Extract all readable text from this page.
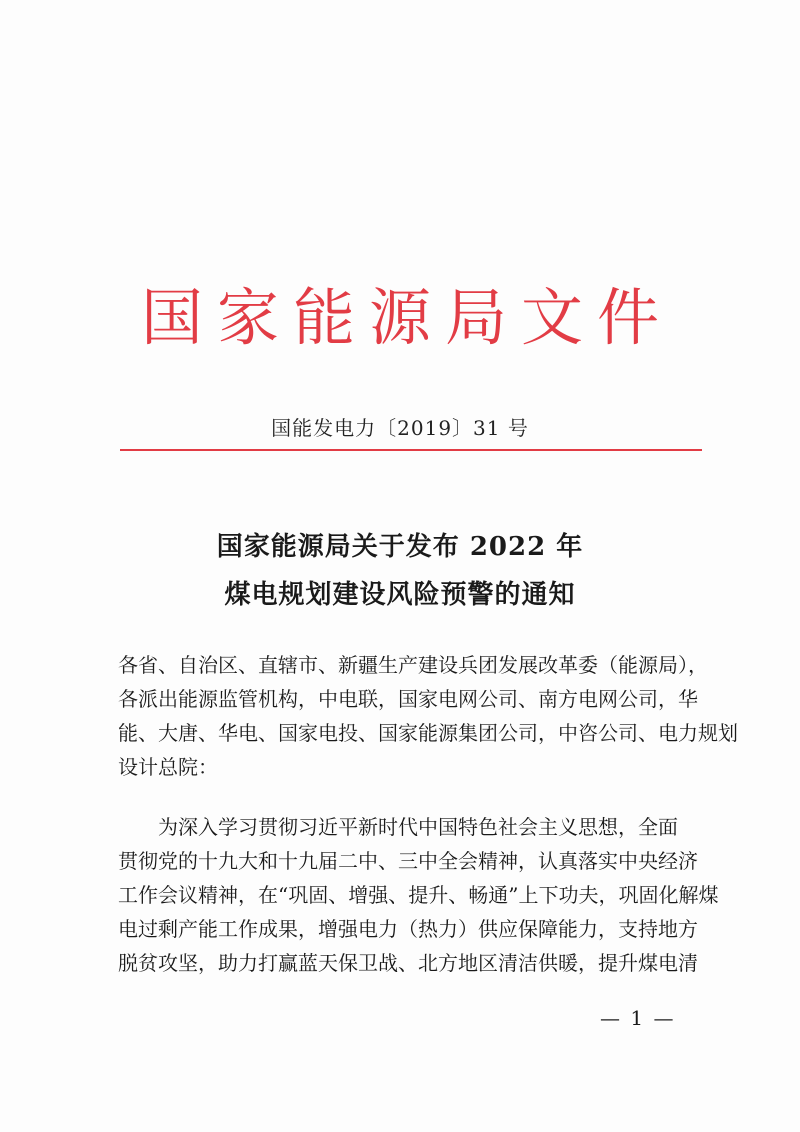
国家能源局文件
国能发电力〔2019〕31 号
国家能源局关于发布 2022 年
煤电规划建设风险预警的通知
各省、自治区、直辖市、新疆生产建设兵团发展改革委（能源局），
各派出能源监管机构，中电联，国家电网公司、南方电网公司，华
能、大唐、华电、国家电投、国家能源集团公司，中咨公司、电力规划
设计总院：
为深入学习贯彻习近平新时代中国特色社会主义思想，全面
贯彻党的十九大和十九届二中、三中全会精神，认真落实中央经济
工作会议精神，在“巩固、增强、提升、畅通”上下功夫，巩固化解煤
电过剩产能工作成果，增强电力（热力）供应保障能力，支持地方
脱贫攻坚，助力打赢蓝天保卫战、北方地区清洁供暖，提升煤电清
— 1 —
